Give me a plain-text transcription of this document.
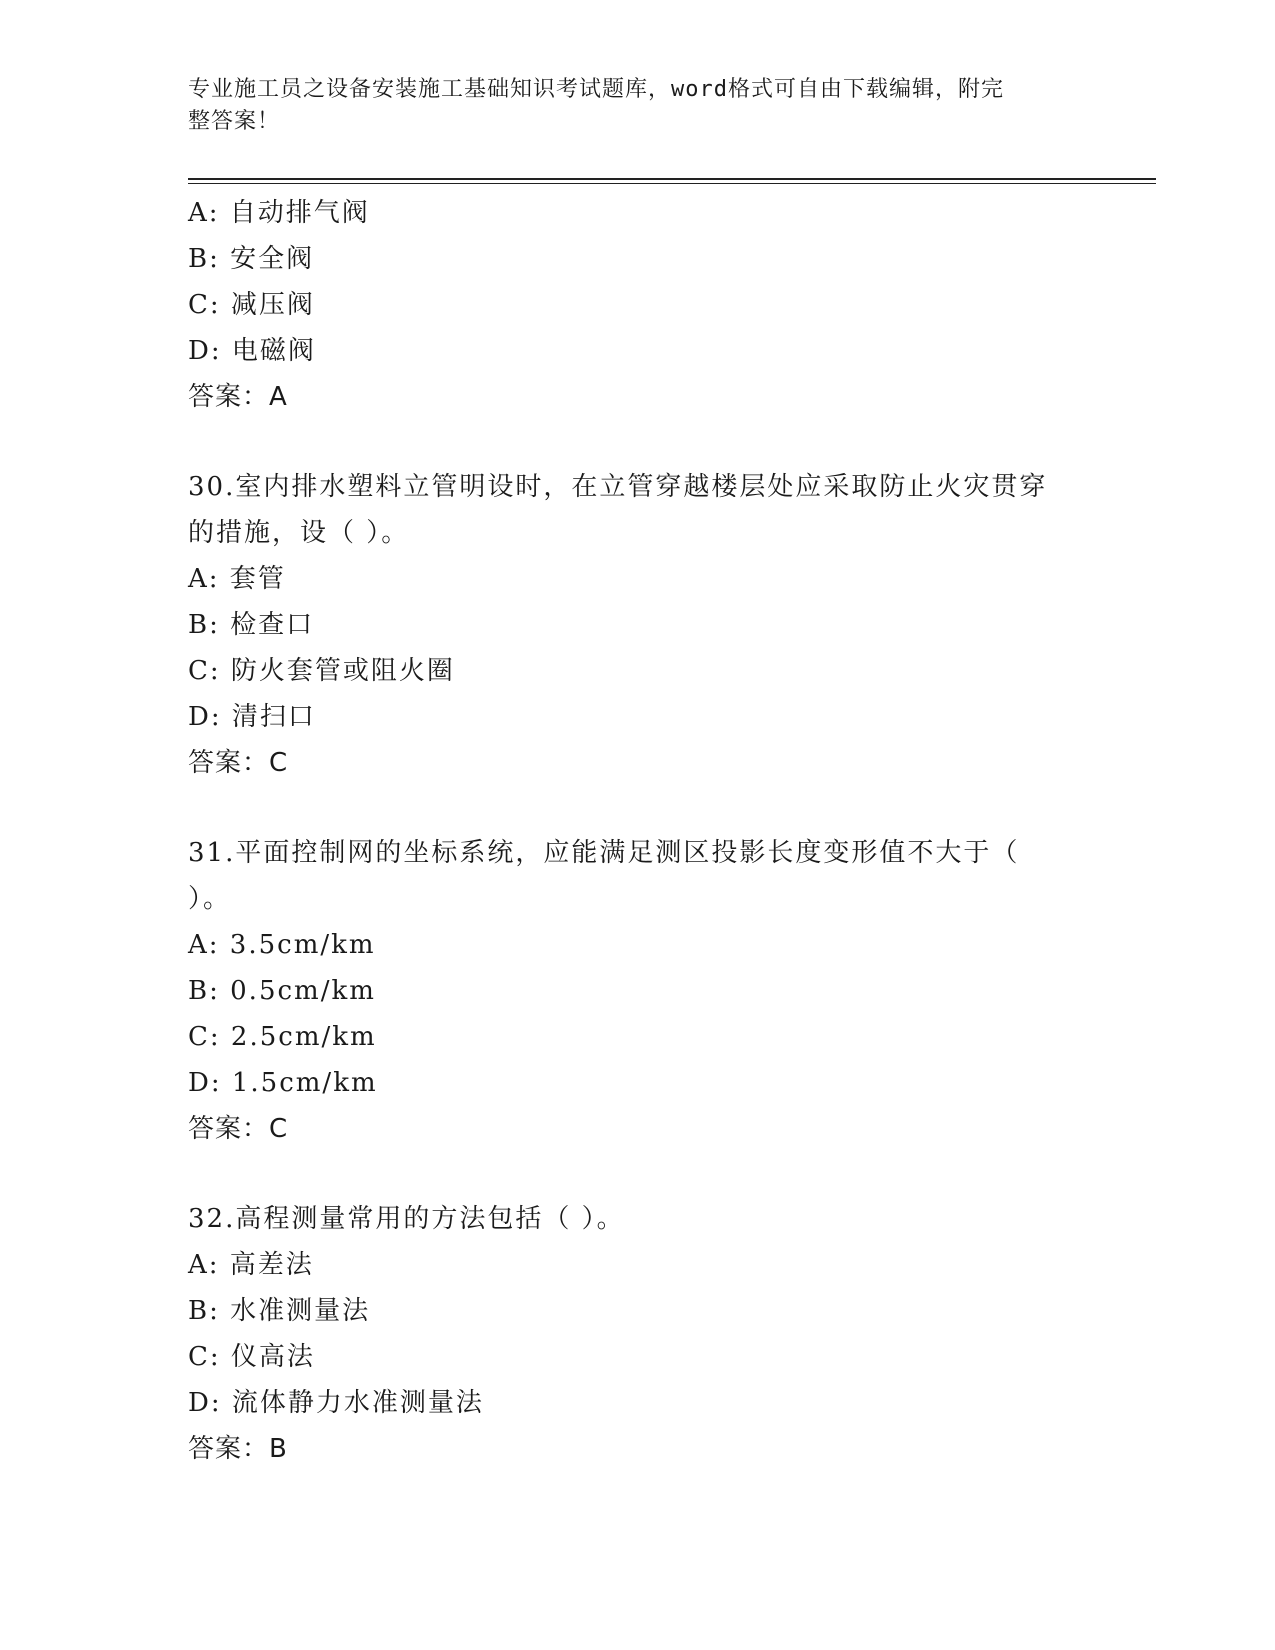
专业施工员之设备安装施工基础知识考试题库，word格式可自由下载编辑，附完
整答案！
A: 自动排气阀
B: 安全阀
C: 减压阀
D: 电磁阀
答案：A
30.室内排水塑料立管明设时，在立管穿越楼层处应采取防止火灾贯穿
的措施，设（ ）。
A: 套管
B: 检查口
C: 防火套管或阻火圈
D: 清扫口
答案：C
31.平面控制网的坐标系统，应能满足测区投影长度变形值不大于（
）。
A: 3.5cm/km
B: 0.5cm/km
C: 2.5cm/km
D: 1.5cm/km
答案：C
32.高程测量常用的方法包括（ ）。
A: 高差法
B: 水准测量法
C: 仪高法
D: 流体静力水准测量法
答案：B
